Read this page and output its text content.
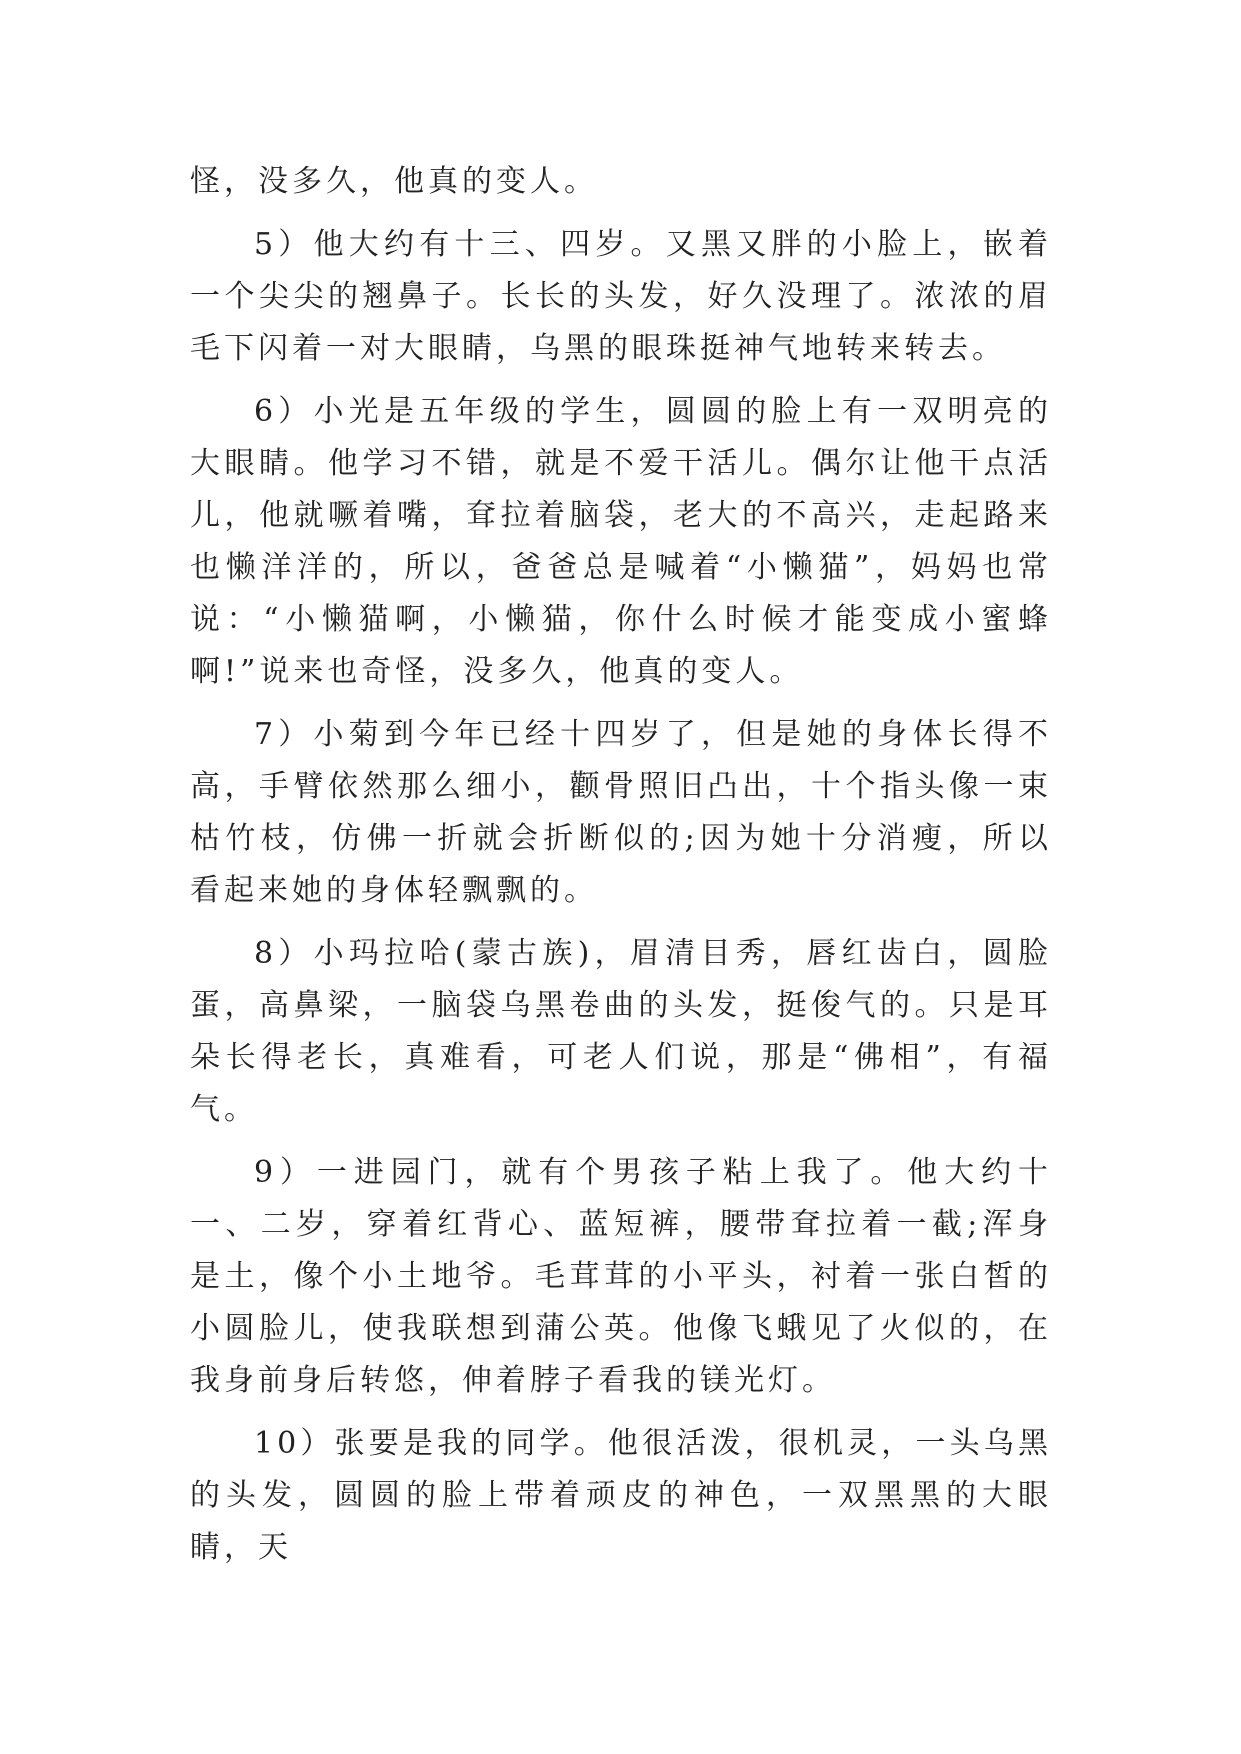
怪，没多久，他真的变人。

5）他大约有十三、四岁。又黑又胖的小脸上，嵌着一个尖尖的翘鼻子。长长的头发，好久没理了。浓浓的眉毛下闪着一对大眼睛，乌黑的眼珠挺神气地转来转去。

6）小光是五年级的学生，圆圆的脸上有一双明亮的大眼睛。他学习不错，就是不爱干活儿。偶尔让他干点活儿，他就噘着嘴，耷拉着脑袋，老大的不高兴，走起路来也懒洋洋的，所以，爸爸总是喊着“小懒猫”，妈妈也常说：“小懒猫啊，小懒猫，你什么时候才能变成小蜜蜂啊!”说来也奇怪，没多久，他真的变人。

7）小菊到今年已经十四岁了，但是她的身体长得不高，手臂依然那么细小，颧骨照旧凸出，十个指头像一束枯竹枝，仿佛一折就会折断似的;因为她十分消瘦，所以看起来她的身体轻飘飘的。

8）小玛拉哈(蒙古族)，眉清目秀，唇红齿白，圆脸蛋，高鼻梁，一脑袋乌黑卷曲的头发，挺俊气的。只是耳朵长得老长，真难看，可老人们说，那是“佛相”，有福气。

9）一进园门，就有个男孩子粘上我了。他大约十一、二岁，穿着红背心、蓝短裤，腰带耷拉着一截;浑身是土，像个小土地爷。毛茸茸的小平头，衬着一张白皙的小圆脸儿，使我联想到蒲公英。他像飞蛾见了火似的，在我身前身后转悠，伸着脖子看我的镁光灯。

10）张要是我的同学。他很活泼，很机灵，一头乌黑的头发，圆圆的脸上带着顽皮的神色，一双黑黑的大眼睛，天
